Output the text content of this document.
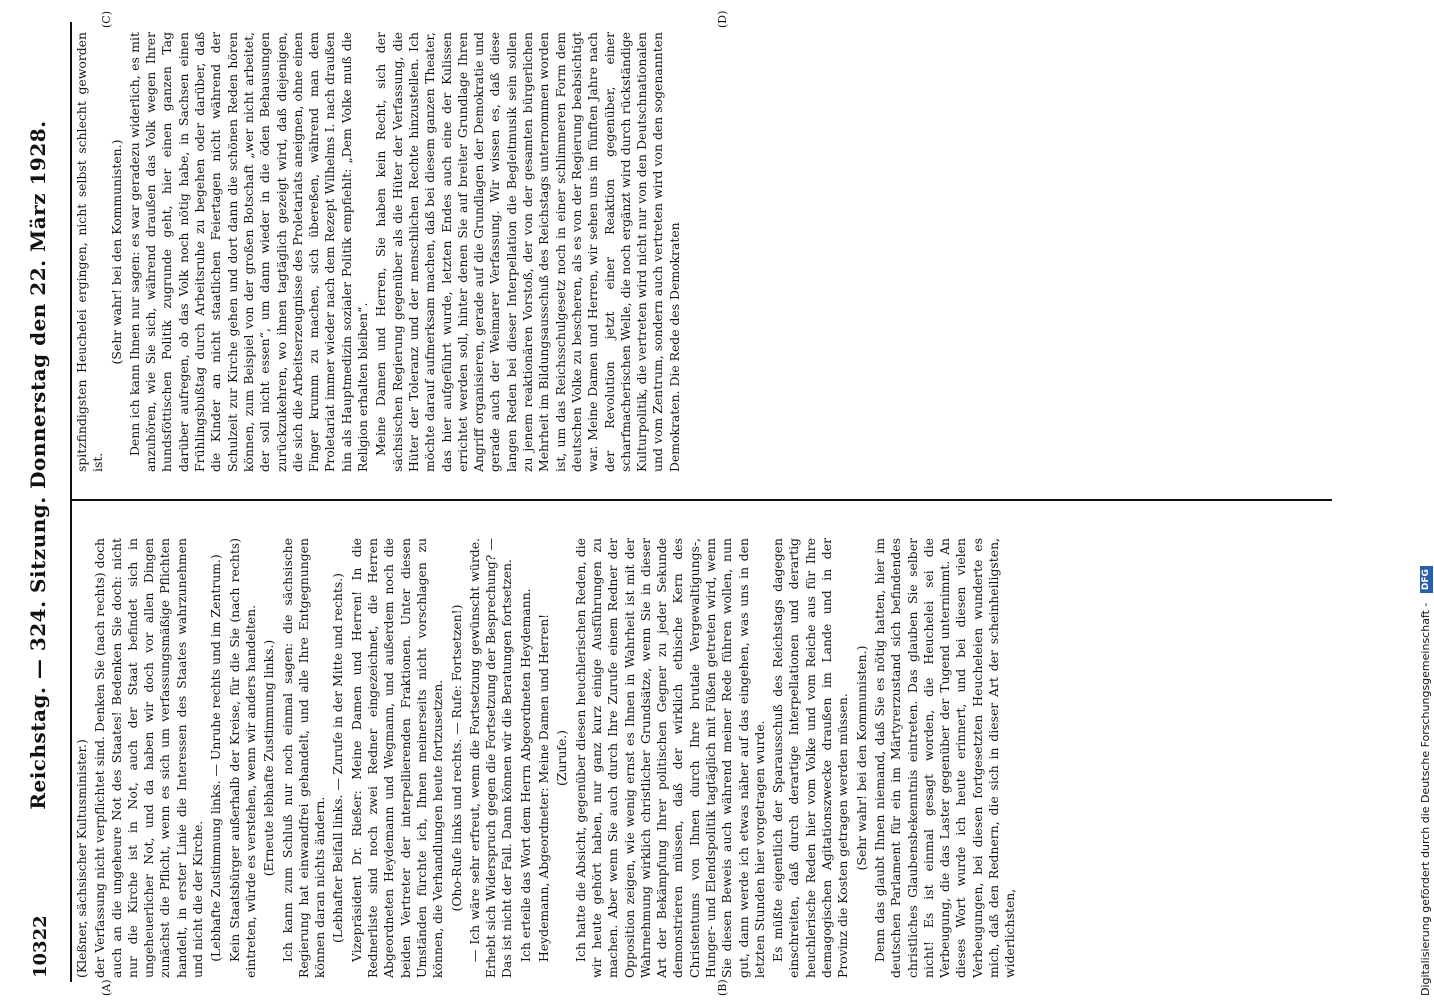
10322
Reichstag. — 324. Sitzung. Donnerstag den 22. März 1928.
(A)	(B)
(C)	(D)

(Kleßner, sächsischer Kultusminister.) der Verfassung nicht verpflichtet sind. Denken Sie (nach rechts) doch auch an die ungeheure Not des Staates! Bedenken Sie doch: nicht nur die Kirche ist in Not, auch der Staat befindet sich in ungeheuerlicher Not, und da haben wir doch vor allen Dingen zunächst die Pflicht, wenn es sich um verfassungsmäßige Pflichten handelt, in erster Linie die Interessen des Staates wahrzunehmen und nicht die der Kirche. (Lebhafte Zustimmung links. — Unruhe rechts und im Zentrum.) Kein Staatsbürger außerhalb der Kreise, für die Sie (nach rechts) eintreten, würde es verstehen, wenn wir anders handelten. (Erneute lebhafte Zustimmung links.) Ich kann zum Schluß nur noch einmal sagen: die sächsische Regierung hat einwandfrei gehandelt, und alle Ihre Entgegnungen können daran nichts ändern. (Lebhafter Beifall links. — Zurufe in der Mitte und rechts.) Vizepräsident Dr. Rießer: Meine Damen und Herren! In die Rednerliste sind noch zwei Redner eingezeichnet, die Herren Abgeordneten Heydemann und Wegmann, und außerdem noch die beiden Vertreter der interpellierenden Fraktionen. Unter diesen Umständen fürchte ich, Ihnen meinerseits nicht vorschlagen zu können, die Verhandlungen heute fortzusetzen. (Oho-Rufe links und rechts. — Rufe: Fortsetzen!) — Ich wäre sehr erfreut, wenn die Fortsetzung gewünscht würde. Erhebt sich Widerspruch gegen die Fortsetzung der Besprechung? — Das ist nicht der Fall. Dann können wir die Beratungen fortsetzen. Ich erteile das Wort dem Herrn Abgeordneten Heydemann. Heydemann, Abgeordneter: Meine Damen und Herren! (Zurufe.) Ich hatte die Absicht, gegenüber diesen heuchlerischen Reden, die wir heute gehört haben, nur ganz kurz einige Ausführungen zu machen. Aber wenn Sie auch durch Ihre Zurufe einem Redner der Opposition zeigen, wie wenig ernst es Ihnen in Wahrheit ist mit der Wahrnehmung wirklich christlicher Grundsätze, wenn Sie in dieser Art der Bekämpfung Ihrer politischen Gegner zu jeder Sekunde demonstrieren müssen, daß der wirklich ethische Kern des Christentums von Ihnen durch Ihre brutale Vergewaltigungs-, Hunger- und Elendspolitik tagtäglich mit Füßen getreten wird, wenn Sie diesen Beweis auch während meiner Rede führen wollen, nun gut, dann werde ich etwas näher auf das eingehen, was uns in den letzten Stunden hier vorgetragen wurde. Es müßte eigentlich der Sparausschuß des Reichstags dagegen einschreiten, daß durch derartige Interpellationen und derartig heuchlerische Reden hier vom Volke und vom Reiche aus für Ihre demagogischen Agitationszwecke draußen im Lande und in der Provinz die Kosten getragen werden müssen. (Sehr wahr! bei den Kommunisten.) Denn das glaubt Ihnen niemand, daß Sie es nötig hatten, hier im deutschen Parlament für ein im Märtyrerzustand sich befindendes christliches Glaubensbekenntnis eintreten. Das glauben Sie selber nicht! Es ist einmal gesagt worden, die Heuchelei sei die Verbeugung, die das Laster gegenüber der Tugend unternimmt. An dieses Wort wurde ich heute erinnert, und bei diesen vielen Verbeugungen, bei diesen fortgesetzten Heucheleien wunderte es mich, daß den Rednern, die sich in dieser Art der scheinheiligsten, widerlichsten,

spitzfindigsten Heuchelei ergingen, nicht selbst schlecht geworden ist.

(Sehr wahr! bei den Kommunisten.) Denn ich kann Ihnen nur sagen: es war geradezu widerlich, es mit anzuhören, wie Sie sich, während draußen das Volk wegen Ihrer hundsföttischen Politik zugrunde geht, hier einen ganzen Tag darüber aufregen, ob das Volk noch nötig habe, in Sachsen einen Frühlingsbußtag durch Arbeitsruhe zu begehen oder darüber, daß die Kinder an nicht staatlichen Feiertagen nicht während der Schulzeit zur Kirche gehen und dort dann die schönen Reden hören können, zum Beispiel von der großen Botschaft „wer nicht arbeitet, der soll nicht essen“, um dann wieder in die öden Behausungen zurückzukehren, wo ihnen tagtäglich gezeigt wird, daß diejenigen, die sich die Arbeitserzeugnisse des Proletariats aneignen, ohne einen Finger krumm zu machen, sich übereßen, während man dem Proletariat immer wieder nach dem Rezept Wilhelms I. nach draußen hin als Hauptmedizin sozialer Politik empfiehlt: „Dem Volke muß die Religion erhalten bleiben“. Meine Damen und Herren, Sie haben kein Recht, sich der sächsischen Regierung gegenüber als die Hüter der Verfassung, die Hüter der Toleranz und der menschlichen Rechte hinzustellen. Ich möchte darauf aufmerksam machen, daß bei diesem ganzen Theater, das hier aufgeführt wurde, letzten Endes auch eine der Kulissen errichtet werden soll, hinter denen Sie auf breiter Grundlage Ihren Angriff organisieren, gerade auf die Grundlagen der Demokratie und gerade auch der Weimarer Verfassung. Wir wissen es, daß diese langen Reden bei dieser Interpellation die Begleitmusik sein sollen zu jenem reaktionären Vorstoß, der von der gesamten bürgerlichen Mehrheit im Bildungsausschuß des Reichstags unternommen worden ist, um das Reichsschulgesetz noch in einer schlimmeren Form dem deutschen Volke zu bescheren, als es von der Regierung beabsichtigt war. Meine Damen und Herren, wir sehen uns im fünften Jahre nach der Revolution jetzt einer Reaktion gegenüber, einer scharfmacherischen Welle, die noch ergänzt wird durch rückständige Kulturpolitik, die vertreten wird nicht nur von den Deutschnationalen und vom Zentrum, sondern auch vertreten wird von den sogenannten Demokraten. Die Rede des Demokraten

Digitalisierung gefördert durch die Deutsche Forschungsgemeinschaft - DFG
